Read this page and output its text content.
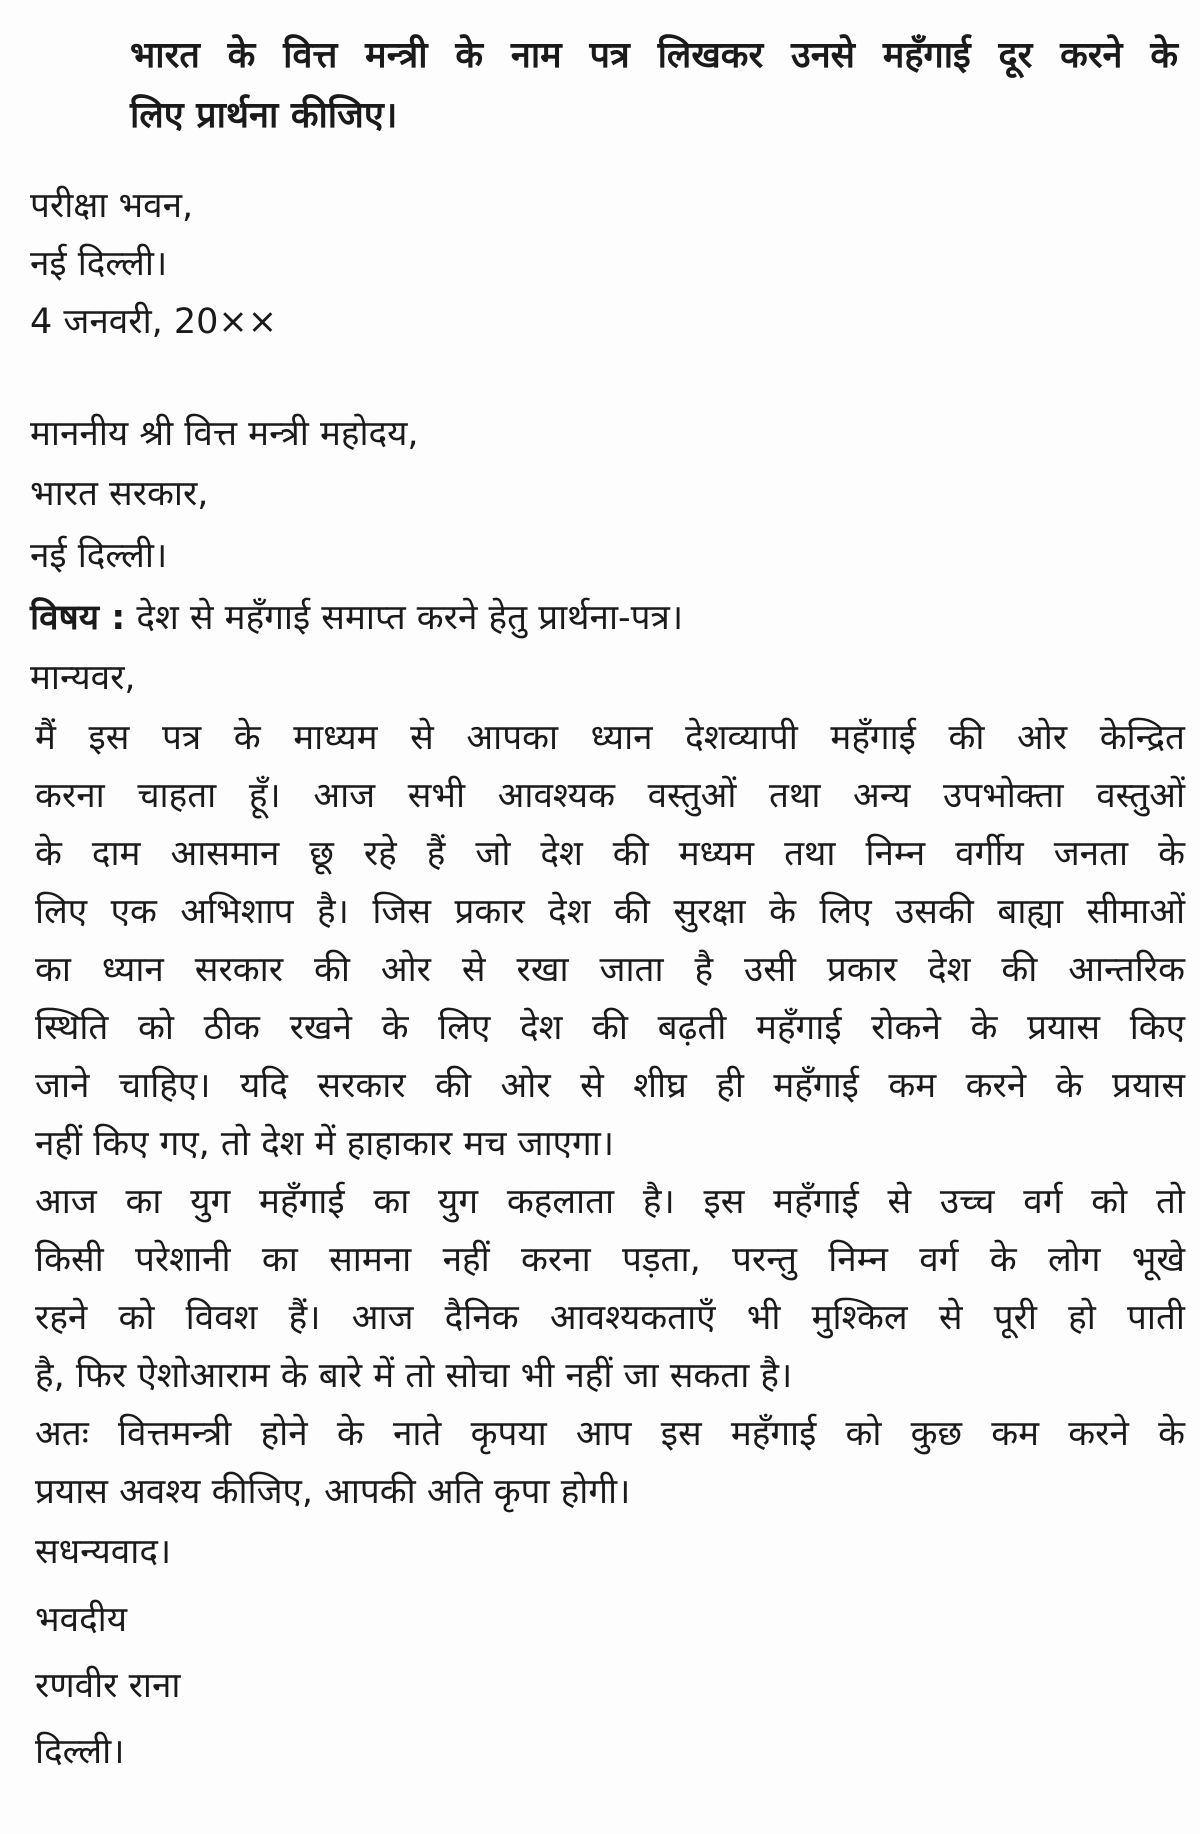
भारत के वित्त मन्त्री के नाम पत्र लिखकर उनसे महँगाई दूर करने के
लिए प्रार्थना कीजिए।
परीक्षा भवन,
नई दिल्ली।
4 जनवरी, 20××
माननीय श्री वित्त मन्त्री महोदय,
भारत सरकार,
नई दिल्ली।
विषय : देश से महँगाई समाप्त करने हेतु प्रार्थना-पत्र।
मान्यवर,
मैं इस पत्र के माध्यम से आपका ध्यान देशव्यापी महँगाई की ओर केन्द्रित
करना चाहता हूँ। आज सभी आवश्यक वस्तुओं तथा अन्य उपभोक्ता वस्तुओं
के दाम आसमान छू रहे हैं जो देश की मध्यम तथा निम्न वर्गीय जनता के
लिए एक अभिशाप है। जिस प्रकार देश की सुरक्षा के लिए उसकी बाह्या सीमाओं
का ध्यान सरकार की ओर से रखा जाता है उसी प्रकार देश की आन्तरिक
स्थिति को ठीक रखने के लिए देश की बढ़ती महँगाई रोकने के प्रयास किए
जाने चाहिए। यदि सरकार की ओर से शीघ्र ही महँगाई कम करने के प्रयास
नहीं किए गए, तो देश में हाहाकार मच जाएगा।
आज का युग महँगाई का युग कहलाता है। इस महँगाई से उच्च वर्ग को तो
किसी परेशानी का सामना नहीं करना पड़ता, परन्तु निम्न वर्ग के लोग भूखे
रहने को विवश हैं। आज दैनिक आवश्यकताएँ भी मुश्किल से पूरी हो पाती
है, फिर ऐशोआराम के बारे में तो सोचा भी नहीं जा सकता है।
अतः वित्तमन्त्री होने के नाते कृपया आप इस महँगाई को कुछ कम करने के
प्रयास अवश्य कीजिए, आपकी अति कृपा होगी।
सधन्यवाद।
भवदीय
रणवीर राना
दिल्ली।
